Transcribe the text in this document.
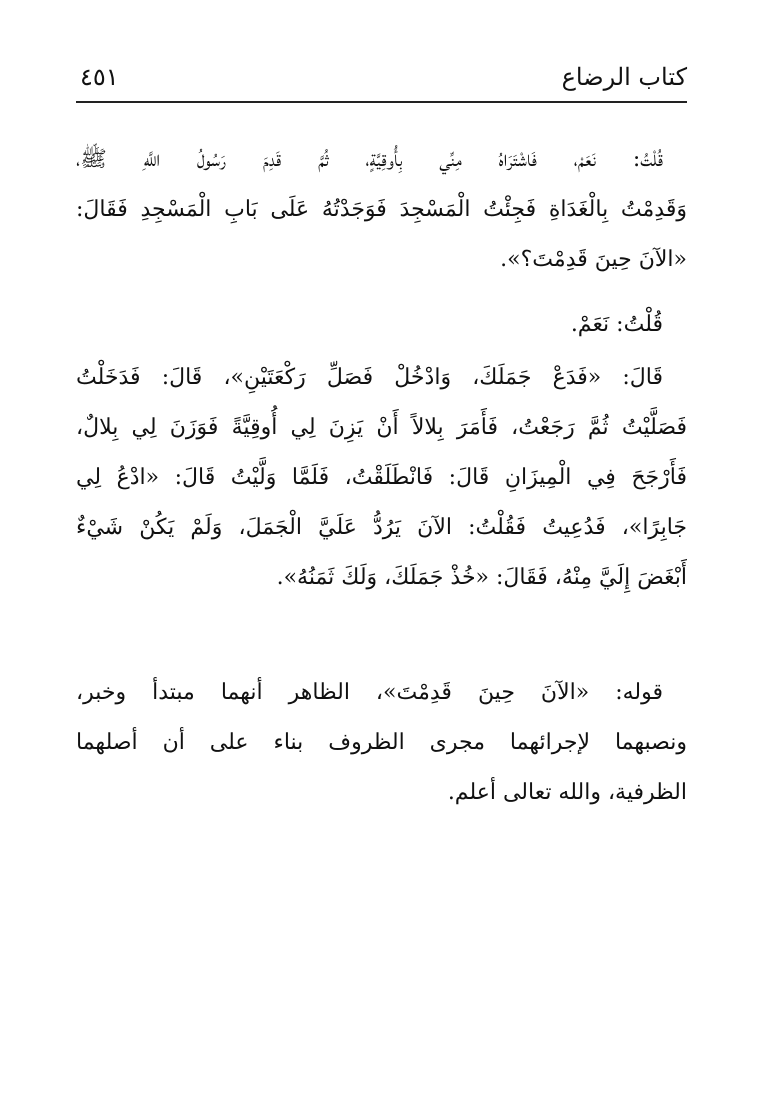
كتاب الرضاع
٤٥١
قُلْتُ: نَعَمْ، فَاشْتَرَاهُ مِنِّي بِأُوقِيَّةٍ، ثُمَّ قَدِمَ رَسُولُ اللَّهِ ﷺ،
وَقَدِمْتُ بِالْغَدَاةِ فَجِئْتُ الْمَسْجِدَ فَوَجَدْتُهُ عَلَى بَابِ الْمَسْجِدِ فَقَالَ:
«الآنَ حِينَ قَدِمْتَ؟».
قُلْتُ: نَعَمْ.
قَالَ: «فَدَعْ جَمَلَكَ، وَادْخُلْ فَصَلِّ رَكْعَتَيْنِ»، قَالَ: فَدَخَلْتُ
فَصَلَّيْتُ ثُمَّ رَجَعْتُ، فَأَمَرَ بِلالاً أَنْ يَزِنَ لِي أُوقِيَّةً فَوَزَنَ لِي بِلالٌ،
فَأَرْجَحَ فِي الْمِيزَانِ قَالَ: فَانْطَلَقْتُ، فَلَمَّا وَلَّيْتُ قَالَ: «ادْعُ لِي
جَابِرًا»، فَدُعِيتُ فَقُلْتُ: الآنَ يَرُدُّ عَلَيَّ الْجَمَلَ، وَلَمْ يَكُنْ شَيْءٌ
أَبْغَضَ إِلَيَّ مِنْهُ، فَقَالَ: «خُذْ جَمَلَكَ، وَلَكَ ثَمَنُهُ».
قوله: «الآنَ حِينَ قَدِمْتَ»، الظاهر أنهما مبتدأ وخبر،
ونصبهما لإجرائهما مجرى الظروف بناء على أن أصلهما
الظرفية، والله تعالى أعلم.
